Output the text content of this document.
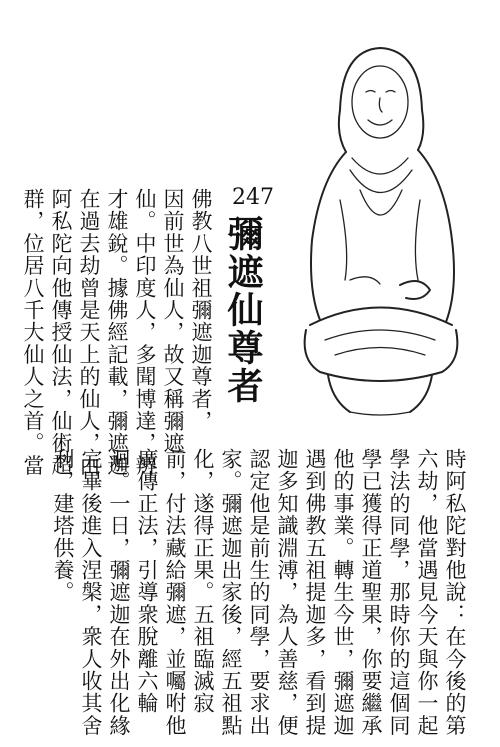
247
彌遮仙尊者
佛教八世祖彌遮迦尊者，
因前世為仙人，故又稱彌遮
仙。中印度人，多聞博達，辨
才雄銳。據佛經記載，彌遮迦
在過去劫曾是天上的仙人，由
阿私陀向他傳授仙法，仙術超
群，位居八千大仙人之首。當
時阿私陀對他說：在今後的第
六劫，他當遇見今天與你一起
學法的同學，那時你的這個同
學已獲得正道聖果，你要繼承
他的事業。轉生今世，彌遮迦
遇到佛教五祖提迦多，看到提
迦多知識淵溥，為人善慈，便
認定他是前生的同學，要求出
家。彌遮迦出家後，經五祖點
化，遂得正果。五祖臨滅寂
前，付法藏給彌遮，並囑咐他
廣傳正法，引導衆脫離六輪
迴。一日，彌遮迦在外出化緣
完畢後進入涅槃，衆人收其舍
利，建塔供養。
